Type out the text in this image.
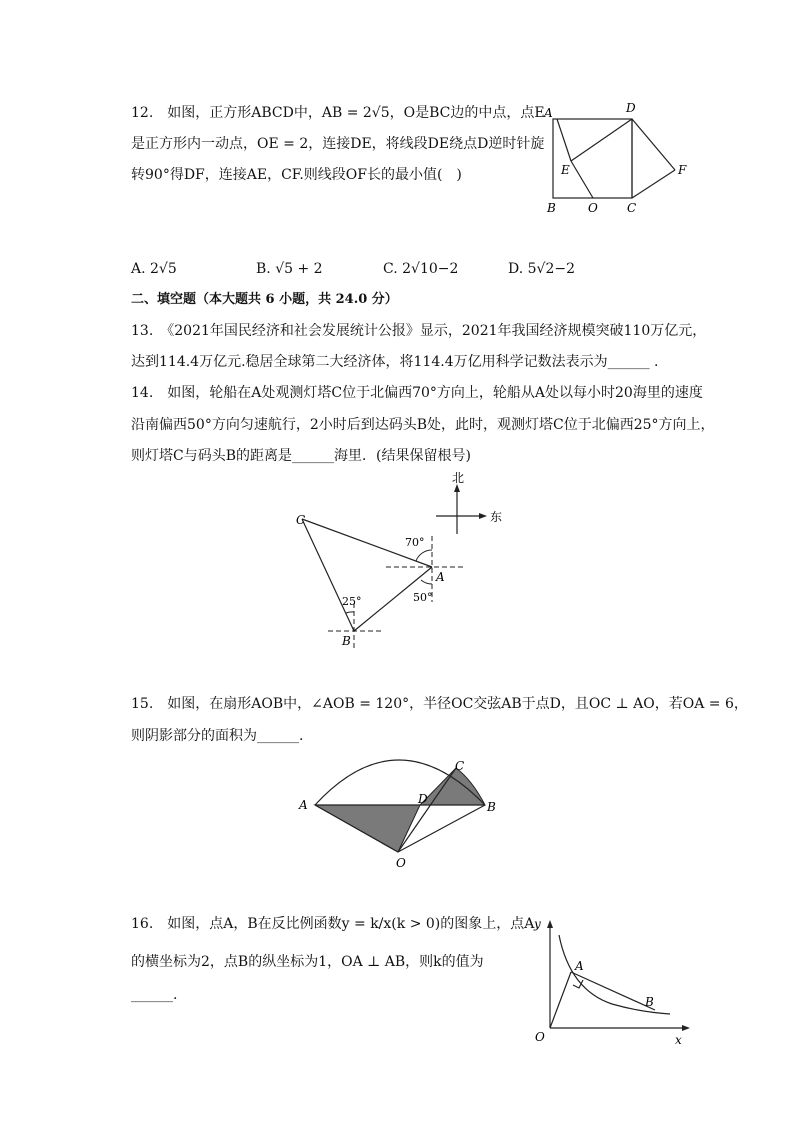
12.　如图，正方形ABCD中，AB = 2√5，O是BC边的中点，点E
是正方形内一动点，OE = 2，连接DE，将线段DE绕点D逆时针旋
转90°得DF，连接AE，CF.则线段OF长的最小值(　)
A	D
E	F
B	O C
A. 2√5	B. √5 + 2	C. 2√10−2	D. 5√2−2
二、填空题（本大题共 6 小题，共 24.0 分）
13.　《2021年国民经济和社会发展统计公报》显示，2021年我国经济规模突破110万亿元，
达到114.4万亿元.稳居全球第二大经济体，将114.4万亿用科学记数法表示为______ .
14.　如图，轮船在A处观测灯塔C位于北偏西70°方向上，轮船从A处以每小时20海里的速度
沿南偏西50°方向匀速航行，2小时后到达码头B处，此时，观测灯塔C位于北偏西25°方向上，
则灯塔C与码头B的距离是______海里．(结果保留根号)
北
东
C
A
B
70°
50°
25°
15.　如图，在扇形AOB中，∠AOB = 120°，半径OC交弦AB于点D，且OC ⊥ AO，若OA = 6，
则阴影部分的面积为______.
A	B
C
D
O
16.　如图，点A，B在反比例函数y = k/x(k > 0)的图象上，点A
的横坐标为2，点B的纵坐标为1，OA ⊥ AB，则k的值为
______.
y
x
O
A
B
